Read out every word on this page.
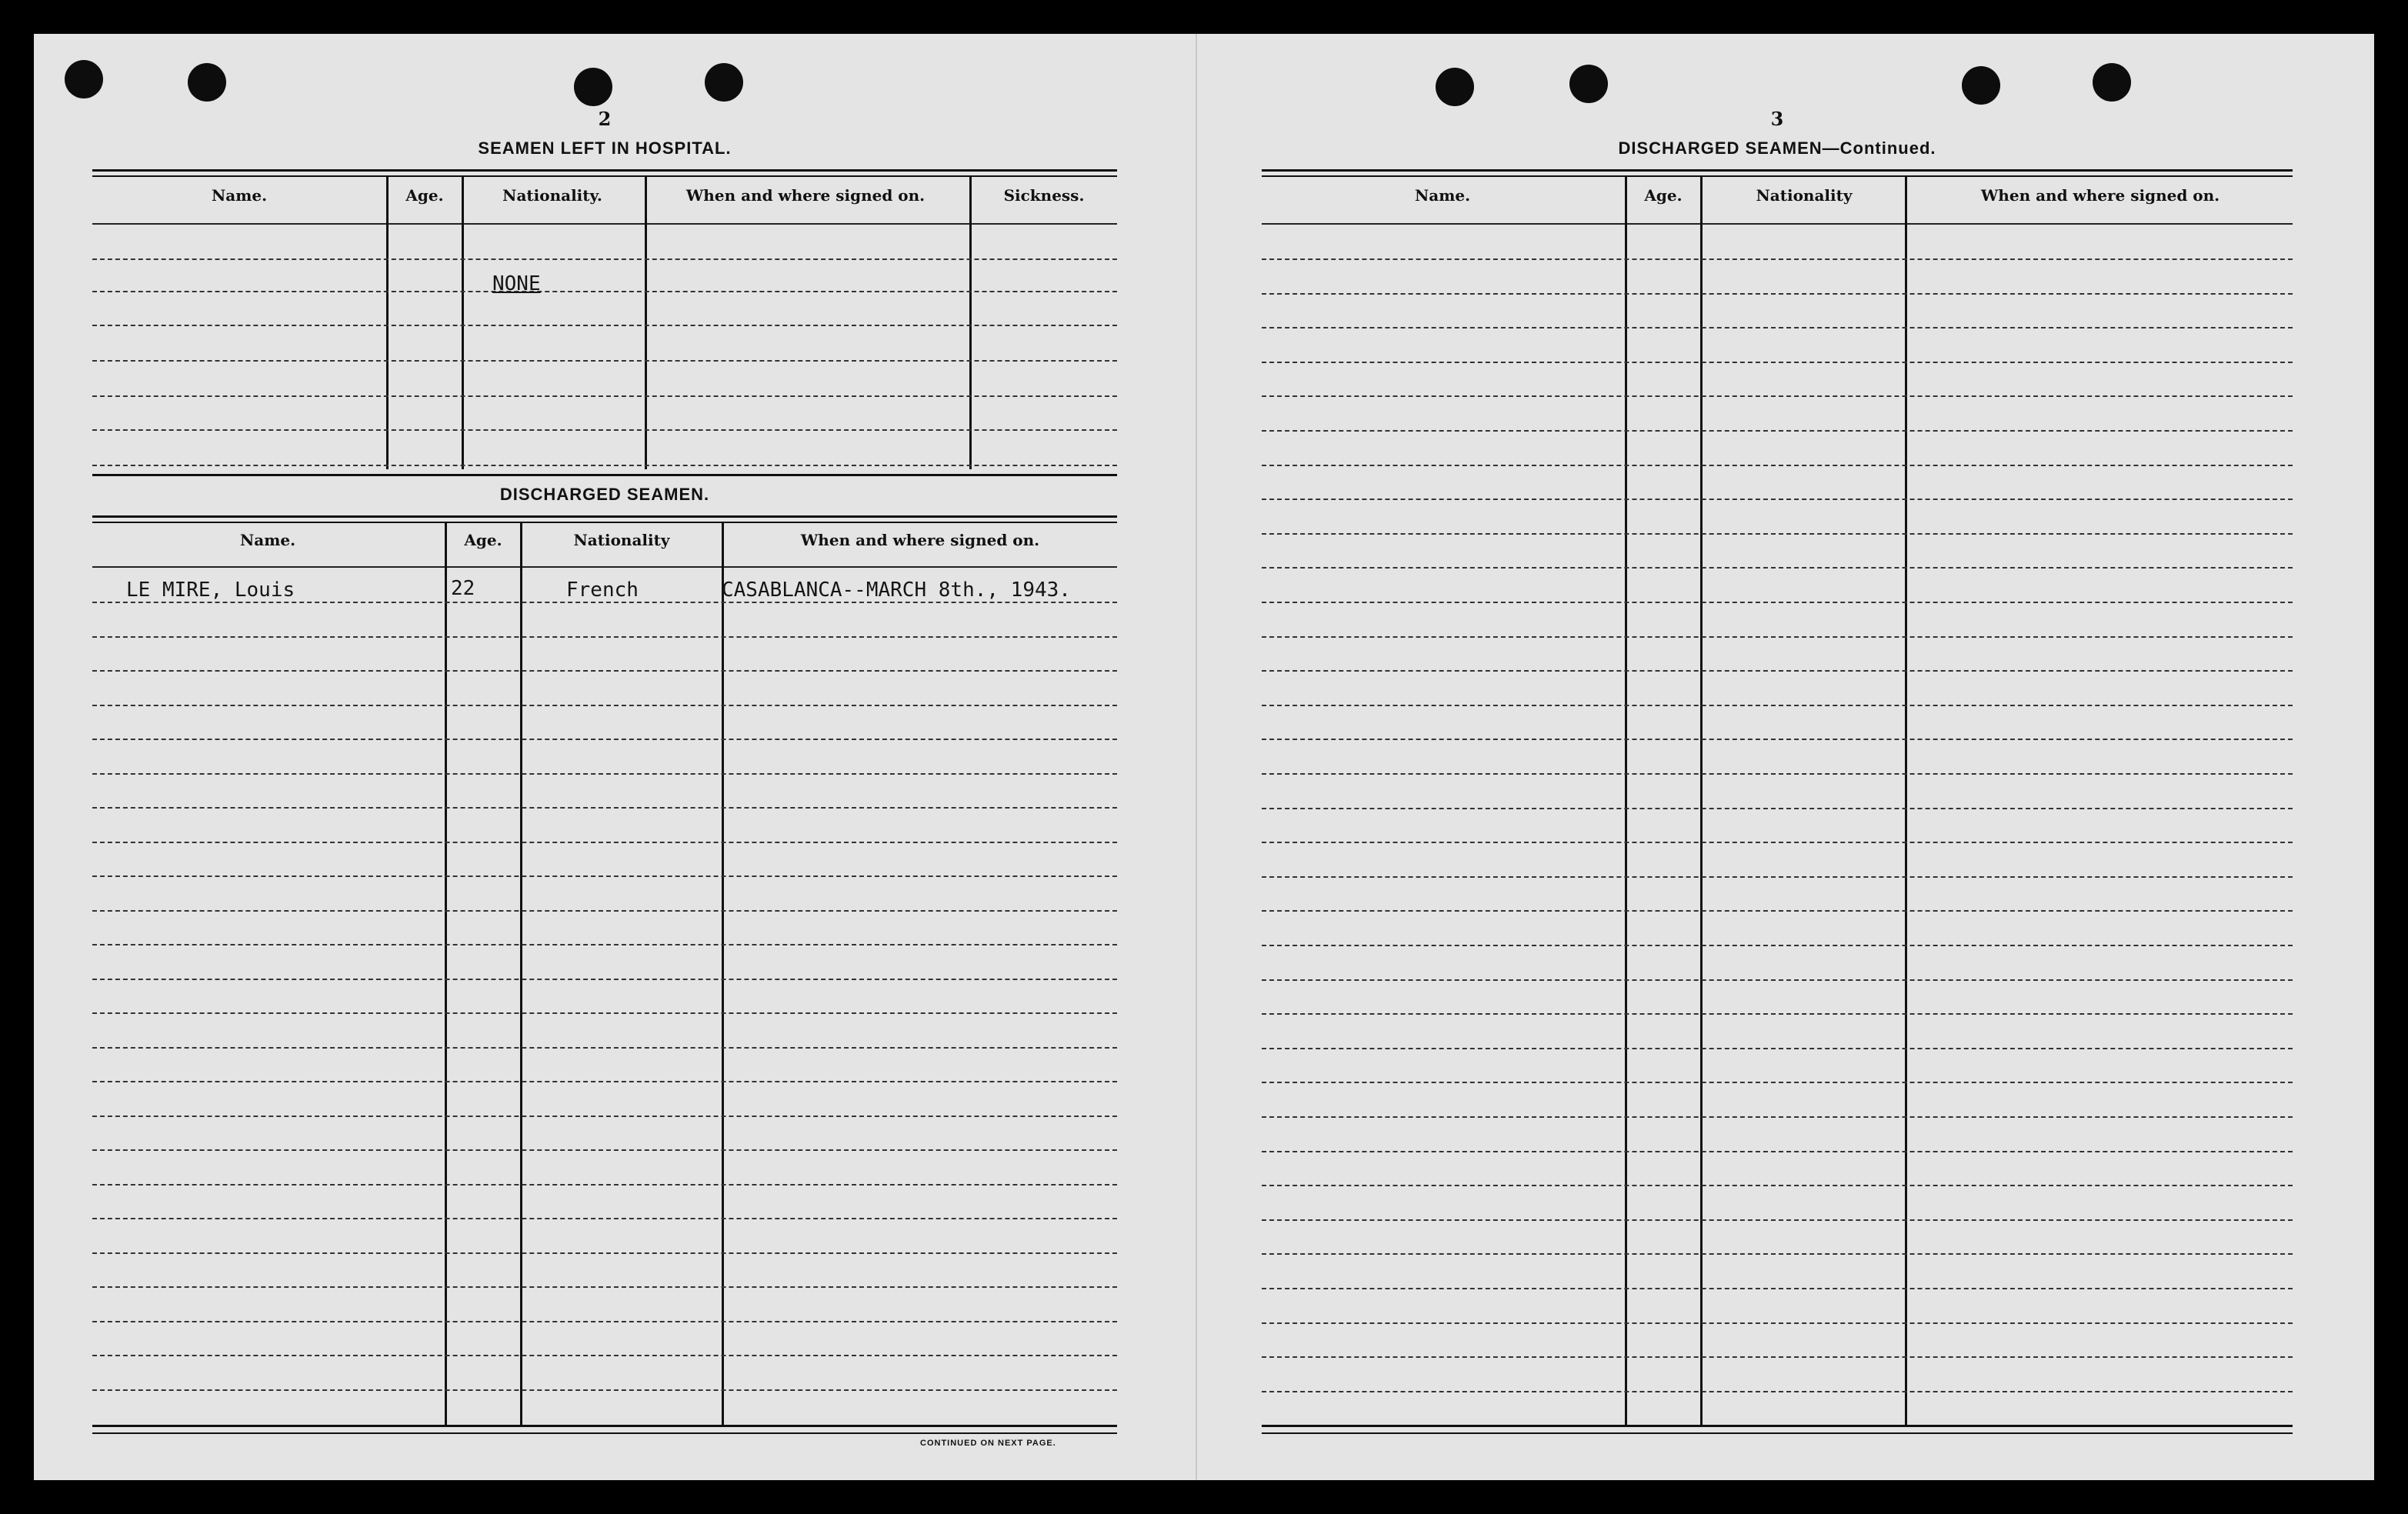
2
SEAMEN LEFT IN HOSPITAL.
Name.	Age.	Nationality.	When and where signed on.	Sickness.
NONE
DISCHARGED SEAMEN.
Name.	Age.	Nationality	When and where signed on.
LE MIRE, Louis	22	French	CASABLANCA--MARCH 8th., 1943.
CONTINUED ON NEXT PAGE.
3
DISCHARGED SEAMEN—Continued.
Name.	Age.	Nationality	When and where signed on.
